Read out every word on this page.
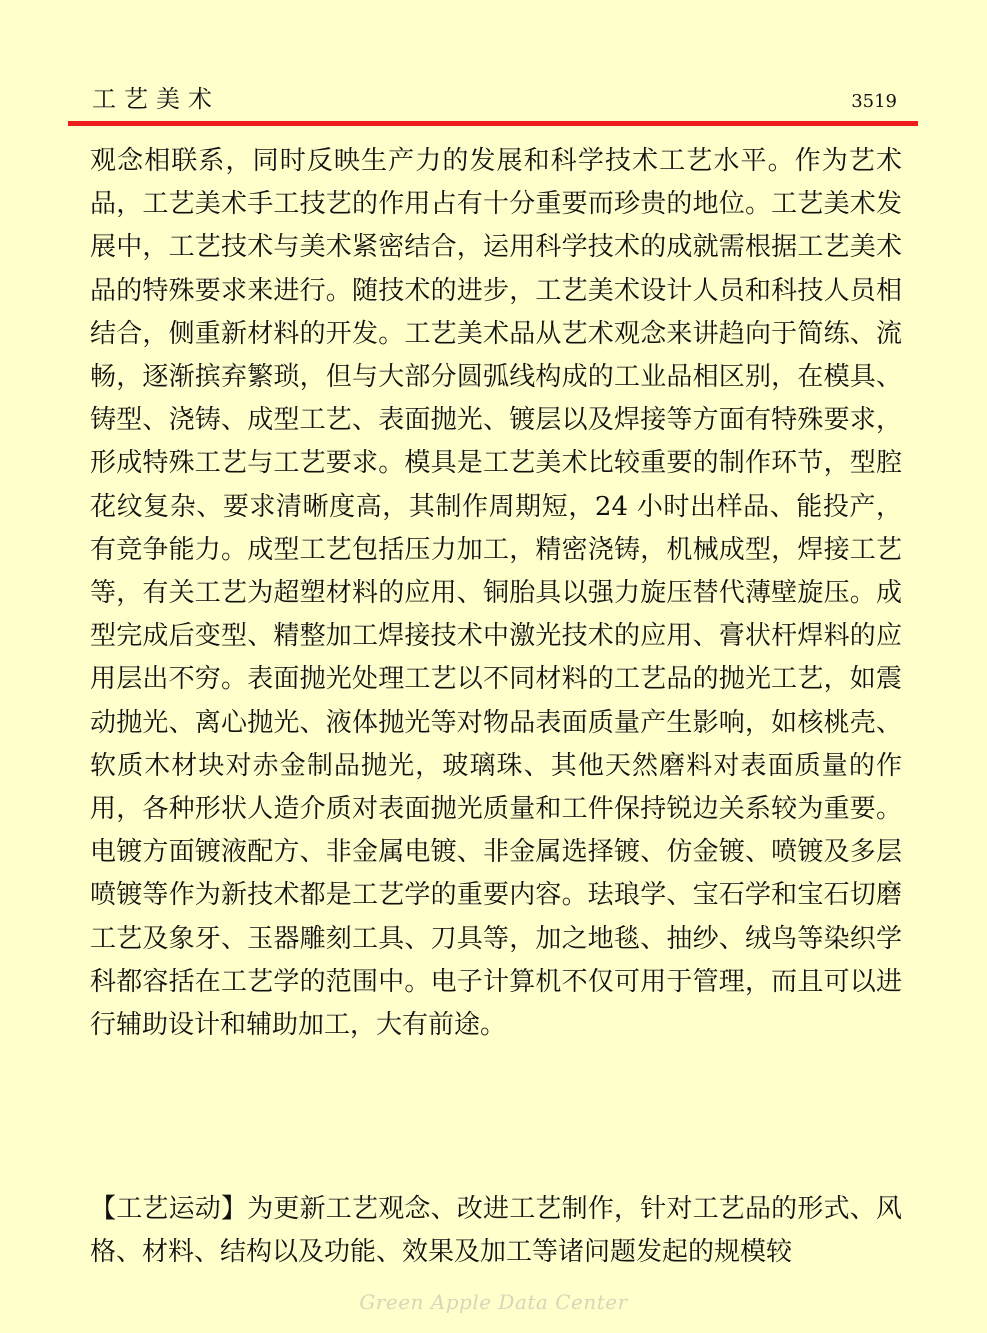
工艺美术	3519

观念相联系，同时反映生产力的发展和科学技术工艺水平。作为艺术品，工艺美术手工技艺的作用占有十分重要而珍贵的地位。工艺美术发展中，工艺技术与美术紧密结合，运用科学技术的成就需根据工艺美术品的特殊要求来进行。随技术的进步，工艺美术设计人员和科技人员相结合，侧重新材料的开发。工艺美术品从艺术观念来讲趋向于简练、流畅，逐渐摈弃繁琐，但与大部分圆弧线构成的工业品相区别，在模具、铸型、浇铸、成型工艺、表面抛光、镀层以及焊接等方面有特殊要求，形成特殊工艺与工艺要求。模具是工艺美术比较重要的制作环节，型腔花纹复杂、要求清晰度高，其制作周期短，24 小时出样品、能投产，有竞争能力。成型工艺包括压力加工，精密浇铸，机械成型，焊接工艺等，有关工艺为超塑材料的应用、铜胎具以强力旋压替代薄壁旋压。成型完成后变型、精整加工焊接技术中激光技术的应用、膏状杆焊料的应用层出不穷。表面抛光处理工艺以不同材料的工艺品的抛光工艺，如震动抛光、离心抛光、液体抛光等对物品表面质量产生影响，如核桃壳、软质木材块对赤金制品抛光，玻璃珠、其他天然磨料对表面质量的作用，各种形状人造介质对表面抛光质量和工件保持锐边关系较为重要。电镀方面镀液配方、非金属电镀、非金属选择镀、仿金镀、喷镀及多层喷镀等作为新技术都是工艺学的重要内容。珐琅学、宝石学和宝石切磨工艺及象牙、玉器雕刻工具、刀具等，加之地毯、抽纱、绒鸟等染织学科都容括在工艺学的范围中。电子计算机不仅可用于管理，而且可以进行辅助设计和辅助加工，大有前途。

【工艺运动】为更新工艺观念、改进工艺制作，针对工艺品的形式、风格、材料、结构以及功能、效果及加工等诸问题发起的规模较

Green Apple Data Center
